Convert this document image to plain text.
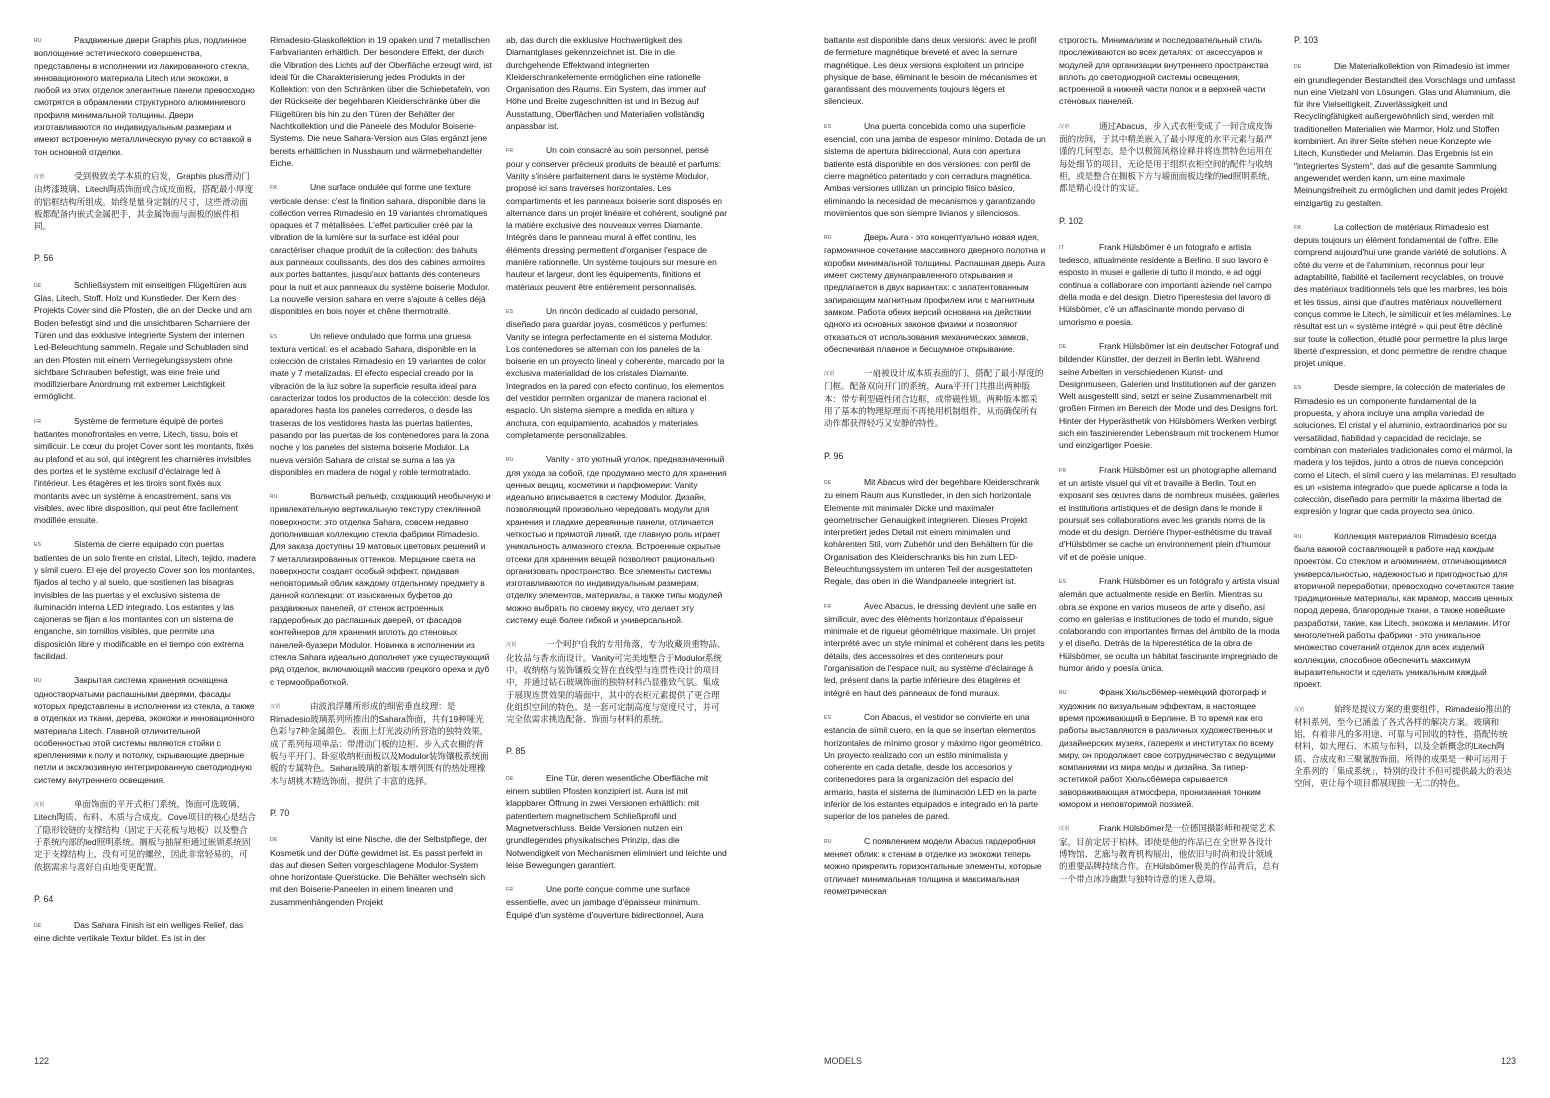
RU	Раздвижные двери Graphis plus, подлинное воплощение эстетического совершенства, представлены в исполнении из лакированного стекла, инновационного материала Litech или экокожи, в любой из этих отделок элегантные панели превосходно смотрятся в обрамлении структурного алюминиевого профиля минимальной толщины. Двери изготавливаются по индивидуальным размерам и имеют встроенную металлическую ручку со вставкой в тон основной отделки.

汉语	受到极致美学本质的启发，Graphis plus滑动门由烤漆玻璃、Litech陶质饰面或合成皮面板，搭配最小厚度的铝框结构所组成。始终是量身定制的尺寸，这些滑动面板都配备内嵌式金属把手，其金属饰面与面板的嵌件相同。

P. 56

DE	Schließsystem mit einseitigen Flügeltüren aus Glas, Litech, Stoff, Holz und Kunstleder. Der Kern des Projekts Cover sind die Pfosten, die an der Decke und am Boden befestigt sind und die unsichtbaren Scharniere der Türen und das exklusive integrierte System der internen Led-Beleuchtung sammeln. Regale und Schubladen sind an den Pfosten mit einem Verriegelungssystem ohne sichtbare Schrauben befestigt, was eine freie und modifizierbare Anordnung mit extremer Leichtigkeit ermöglicht.

FR	Système de fermeture équipé de portes battantes monofrontales en verre, Litech, tissu, bois et similicuir. Le cœur du projet Cover sont les montants, fixés au plafond et au sol, qui intègrent les charnières invisibles des portes et le système exclusif d'éclairage led à l'intérieur. Les étagères et les tiroirs sont fixés aux montants avec un système à encastrement, sans vis visibles, avec libre disposition, qui peut être facilement modifiée ensuite.

ES	Sistema de cierre equipado con puertas batientes de un solo frente en cristal, Litech, tejido, madera y símil cuero. El eje del proyecto Cover son los montantes, fijados al techo y al suelo, que sostienen las bisagras invisibles de las puertas y el exclusivo sistema de iluminación interna LED integrado. Los estantes y las cajoneras se fijan a los montantes con un sistema de enganche, sin tornillos visibles, que permite una disposición libre y modificable en el tiempo con extrema facilidad.

RU	Закрытая система хранения оснащена одностворчатыми распашными дверями, фасады которых представлены в исполнении из стекла, а также в отделках из ткани, дерева, экокожи и инновационного материала Litech. Главной отличительной особенностью этой системы являются стойки с креплениями к полу и потолку, скрывающие дверные петли и эксклюзивную интегрированную светодиодную систему внутреннего освещения.

汉语	单面饰面的平开式柜门系统，饰面可选玻璃、Litech陶质、布料、木质与合成皮。Cove项目的核心是结合了隐形铰链的支撑结构（固定于天花板与地板）以及整合于系统内部的led照明系统。搁板与抽屉柜通过嵌锁系统固定于支撑结构上，没有可见的螺丝，因此非常轻易的，可依据需求与喜好自由地变更配置。

P. 64

DE	Das Sahara Finish ist ein welliges Relief, das eine dichte vertikale Textur bildet. Es ist in der

Rimadesio-Glaskollektion in 19 opaken und 7 metallischen Farbvarianten erhältlich. Der besondere Effekt, der durch die Vibration des Lichts auf der Oberfläche erzeugt wird, ist ideal für die Charakterisierung jedes Produkts in der Kollektion: von den Schränken über die Schiebetafeln, von der Rückseite der begehbaren Kleiderschränke über die Flügeltüren bis hin zu den Türen der Behälter der Nachtkollektion und die Paneele des Modulor Boiserie-Systems. Die neue Sahara-Version aus Glas ergänzt jene bereits erhältlichen in Nussbaum und wärmebehandelter Eiche.

FR	Une surface ondulée qui forme une texture verticale dense: c'est la finition sahara, disponible dans la collection verres Rimadesio en 19 variantes chromatiques opaques et 7 métallisées. L'effet particulier créé par la vibration de la lumière sur la surface est idéal pour caractériser chaque produit de la collection: des bahuts aux panneaux coulissants, des dos des cabines armoires aux portes battantes, jusqu'aux battants des conteneurs pour la nuit et aux panneaux du système boiserie Modulor. La nouvelle version sahara en verre s'ajoute à celles déjà disponibles en bois noyer et chêne thermotraité.

ES	Un relieve ondulado que forma una gruesa textura vertical: es el acabado Sahara, disponible en la colección de cristales Rimadesio en 19 variantes de color mate y 7 metalizadas. El efecto especial creado por la vibración de la luz sobre la superficie resulta ideal para caracterizar todos los productos de la colección: desde los aparadores hasta los paneles correderos, o desde las traseras de los vestidores hasta las puertas batientes, pasando por las puertas de los contenedores para la zona noche y los paneles del sistema boiserie Modulor. La nueva versión Sahara de cristal se suma a las ya disponibles en madera de nogal y roble termotratado.

RU	Волнистый рельеф, создающий необычную и привлекательную вертикальную текстуру стеклянной поверхности: это отделка Sahara, совсем недавно дополнившая коллекцию стекла фабрики Rimadesio. Для заказа доступны 19 матовых цветовых решений и 7 металлизированных оттенков. Мерцание света на поверхности создает особый эффект, придавая неповторимый облик каждому отдельному предмету в данной коллекции: от изысканных буфетов до раздвижных панелей, от стенок встроенных гардеробных до распашных дверей, от фасадов контейнеров для хранения вплоть до стеновых панелей-буазери Modulor. Новинка в исполнении из стекла Sahara идеально дополняет уже существующий ряд отделок, включающий массив грецкого ореха и дуб с термообработкой.

汉语	由波浪浮雕所形成的细密垂直纹理：是Rimadesio玻璃系列所推出的Sahara饰面，共有19种哑光色彩与7种金属颜色。表面上灯光波动所营造的独特效果，成了系列每项单品：带滑动门板的边柜、步入式衣橱的背板与平开门、卧室收纳柜面板以及Modulor装饰镶板系统面板的专属特色。Sahara玻璃的新版本增列既有的热处理橡木与胡桃木精选饰面，提供了丰富的选择。

P. 70

DE	Vanity ist eine Nische, die der Selbstpflege, der Kosmetik und der Düfte gewidmet ist. Es passt perfekt in das auf diesen Seiten vorgeschlagene Modulor-System ohne horizontale Querstücke. Die Behälter wechseln sich mit den Boiserie-Paneelen in einem linearen und zusammenhängenden Projekt

ab, das durch die exklusive Hochwertigkeit des Diamantglases gekennzeichnet ist. Die in die durchgehende Effektwand integrierten Kleiderschrankelemente ermöglichen eine rationelle Organisation des Raums. Ein System, das immer auf Höhe und Breite zugeschnitten ist und in Bezug auf Ausstattung, Oberflächen und Materialien vollständig anpassbar ist.

FR	Un coin consacré au soin personnel, pensé pour y conserver précieux produits de beauté et parfums: Vanity s'insère parfaitement dans le système Modulor, proposé ici sans traverses horizontales. Les compartiments et les panneaux boiserie sont disposés en alternance dans un projet linéaire et cohérent, souligné par la matière exclusive des nouveaux verres Diamante. Intégrés dans le panneau mural à effet continu, les éléments dressing permettent d'organiser l'espace de manière rationnelle. Un système toujours sur mesure en hauteur et largeur, dont les équipements, finitions et matériaux peuvent être entièrement personnalisés.

ES	Un rincón dedicado al cuidado personal, diseñado para guardar joyas, cosméticos y perfumes: Vanity se integra perfectamente en el sistema Modulor. Los contenedores se alternan con los paneles de la boiserie en un proyecto lineal y coherente, marcado por la exclusiva materialidad de los cristales Diamante. Integrados en la pared con efecto continuo, los elementos del vestidor permiten organizar de manera racional el espacio. Un sistema siempre a medida en altura y anchura, con equipamiento, acabados y materiales completamente personalizables.

RU	Vanity - это уютный уголок, предназначенный для ухода за собой, где продумано место для хранения ценных вещиц, косметики и парфюмерии: Vanity идеально вписывается в систему Modulor. Дизайн, позволяющий произвольно чередовать модули для хранения и гладкие деревянные панели, отличается четкостью и прямотой линий, где главную роль играет уникальность алмазного стекла. Встроенные скрытые отсеки для хранения вещей позволяют рационально организовать пространство. Все элементы системы изготавливаются по индивидуальным размерам; отделку элементов, материалы, а также типы модулей можно выбрать по своему вкусу, что делает эту систему ещё более гибкой и универсальной.

汉语	一个呵护自我的专用角落，专为收藏贵重物品、化妆品与香水而设计。Vanity可完美地整合于Modulor系统中。收纳格与装饰镶板交替在直线型与连贯性设计的项目中，并通过钻石玻璃饰面的独特材料凸显雅致气氛。集成于展现连贯效果的墙面中，其中的衣柜元素提供了更合理化组织空间的特色。是一套可定制高度与宽度尺寸，并可完全依需求挑选配备、饰面与材料的系统。

P. 85

DE	Eine Tür, deren wesentliche Oberfläche mit einem subtilen Pfosten konzipiert ist. Aura ist mit klappbarer Öffnung in zwei Versionen erhältlich: mit patentiertem magnetischem Schließprofil und Magnetverschluss. Beide Versionen nutzen ein grundlegendes physikalisches Prinzip, das die Notwendigkeit von Mechanismen eliminiert und leichte und leise Bewegungen garantiert.

FR	Une porte conçue comme une surface essentielle, avec un jambage d'épaisseur minimum. Équipé d'un système d'ouverture bidirectionnel, Aura

122

battante est disponible dans deux versions: avec le profil de fermeture magnétique breveté et avec la serrure magnétique. Les deux versions exploitent un principe physique de base, éliminant le besoin de mécanismes et garantissant des mouvements toujours légers et silencieux.

ES	Una puerta concebida como una superficie esencial, con una jamba de espesor mínimo. Dotada de un sistema de apertura bidireccional, Aura con apertura batiente está disponible en dos versiones: con perfil de cierre magnético patentado y con cerradura magnética. Ambas versiones utilizan un principio físico básico, eliminando la necesidad de mecanismos y garantizando movimientos que son siempre livianos y silenciosos.

RU	Дверь Aura - это концептуально новая идея, гармоничное сочетание массивного дверного полотна и коробки минимальной толщины. Распашная дверь Aura имеет систему двунаправленного открывания и предлагается в двух вариантах: с запатентованным запирающим магнитным профилем или с магнитным замком. Работа обеих версий основана на действии одного из основных законов физики и позволяют отказаться от использования механических замков, обеспечивая плавное и бесшумное открывание.

汉语	一扇被设计成本质表面的门，搭配了最小厚度的门框。配备双向开门的系统，Aura平开门共推出两种版本：带专利型磁性闭合边框，或带磁性锁。两种版本都采用了基本的物理原理而不再使用机制组件，从而确保所有动作都获得轻巧又安静的特性。

P. 96

DE	Mit Abacus wird der begehbare Kleiderschrank zu einem Raum aus Kunstleder, in den sich horizontale Elemente mit minimaler Dicke und maximaler geometrischer Genauigkeit integrieren. Dieses Projekt interpretiert jedes Detail mit einem minimalen und kohärenten Stil, vom Zubehör und den Behältern für die Organisation des Kleiderschranks bis hin zum LED-Beleuchtungssystem im unteren Teil der ausgestatteten Regale, das oben in die Wandpaneele integriert ist.

FR	Avec Abacus, le dressing devient une salle en similicuir, avec des éléments horizontaux d'épaisseur minimale et de rigueur géométrique maximale. Un projet interprété avec un style minimal et cohérent dans les petits détails, des accessoires et des conteneurs pour l'organisation de l'espace nuit, au système d'éclairage à led, présent dans la partie inférieure des étagères et intégré en haut des panneaux de fond muraux.

ES	Con Abacus, el vestidor se convierte en una estancia de símil cuero, en la que se insertan elementos horizontales de mínimo grosor y máximo rigor geométrico. Un proyecto realizado con un estilo minimalista y coherente en cada detalle, desde los accesorios y contenedores para la organización del espacio del armario, hasta el sistema de iluminación LED en la parte inferior de los estantes equipados e integrado en la parte superior de los paneles de pared.

RU	С появлением модели Abacus гардеробная меняет облик: к стенам в отделке из экокожи теперь можно прикрепить горизонтальные элементы, которые отличает минимальная толщина и максимальная геометрическая

строгость. Минимализм и последовательный стиль прослеживаются во всех деталях: от аксессуаров и модулей для организации внутреннего пространства вплоть до светодиодной системы освещения, встроенной в нижней части полок и в верхней части стеновых панелей.

汉语	通过Abacus，步入式衣柜变成了一间合成皮饰面的房间，于其中精美嵌入了最小厚度的水平元素与最严谨的几何型态。是个以极简风格诠释并将连贯特色运用在每处细节的项目，无论是用于组织衣柜空间的配件与收纳柜，或是整合在搁板下方与墙面面板边缘的led照明系统，都是精心设计的实证。

P. 102

IT	Frank Hülsbömer è un fotografo e artista tedesco, attualmente residente a Berlino. Il suo lavoro è esposto in musei e gallerie di tutto il mondo, e ad oggi continua a collaborare con importanti aziende nel campo della moda e del design. Dietro l'iperestesia del lavoro di Hülsbömer, c'è un affascinante mondo pervaso di umorismo e poesia.

DE	Frank Hülsbömer ist ein deutscher Fotograf und bildender Künstler, der derzeit in Berlin lebt. Während seine Arbeiten in verschiedenen Kunst- und Designmuseen, Galerien und Institutionen auf der ganzen Welt ausgestellt sind, setzt er seine Zusammenarbeit mit großen Firmen im Bereich der Mode und des Designs fort. Hinter der Hyperästhetik von Hülsbömers Werken verbirgt sich ein faszinierender Lebenstraum mit trockenem Humor und einzigartiger Poesie.

FR	Frank Hülsbömer est un photographe allemand et un artiste visuel qui vit et travaille à Berlin. Tout en exposant ses œuvres dans de nombreux musées, galeries et institutions artistiques et de design dans le monde il poursuit ses collaborations avec les grands noms de la mode et du design. Derrière l'hyper-esthétisme du travail d'Hülsbömer se cache un environnement plein d'humour vif et de poésie unique.

ES	Frank Hülsbömer es un fotógrafo y artista visual alemán que actualmente reside en Berlín. Mientras su obra se expone en varios museos de arte y diseño, así como en galerías e instituciones de todo el mundo, sigue colaborando con importantes firmas del ámbito de la moda y el diseño. Detrás de la hiperestética de la obra de Hülsbömer, se oculta un hábitat fascinante impregnado de humor árido y poesía única.

RU	Франк Хюльсбёмер-немецкий фотограф и художник по визуальным эффектам, в настоящее время проживающий в Берлине. В то время как его работы выставляются в различных художественных и дизайнерских музеях, галереях и институтах по всему миру, он продолжает свое сотрудничество с ведущими компаниями из мира моды и дизайна. За гипер-эстетикой работ Хюльсбёмера скрывается завораживающая атмосфера, пронизанная тонким юмором и неповторимой поэзией.

汉语	Frank Hülsbömer是一位德国摄影师和视觉艺术家，目前定居于柏林。即使是他的作品已在全世界各设计博物馆、艺廊与教育机构展出，他依旧与时尚和设计领域的重要品牌持续合作。在Hülsbömer极美的作品背后，总有一个带点冰冷幽默与独特诗意的迷人意境。

P. 103

DE	Die Materialkollektion von Rimadesio ist immer ein grundlegender Bestandteil des Vorschlags und umfasst nun eine Vielzahl von Lösungen. Glas und Aluminium, die für ihre Vielseitigkeit, Zuverlässigkeit und Recyclingfähigkeit außergewöhnlich sind, werden mit traditionellen Materialien wie Marmor, Holz und Stoffen kombiniert. An ihrer Seite stehen neue Konzepte wie Litech, Kunstleder und Melamin. Das Ergebnis ist ein "integriertes System", das auf die gesamte Sammlung angewendet werden kann, um eine maximale Meinungsfreiheit zu ermöglichen und damit jedes Projekt einzigartig zu gestalten.

FR	La collection de matériaux Rimadesio est depuis toujours un élément fondamental de l'offre. Elle comprend aujourd'hui une grande variété de solutions. À côté du verre et de l'aluminium, reconnus pour leur adaptabilité, fiabilité et facilement recyclables, on trouve des matériaux traditionnels tels que les marbres, les bois et les tissus, ainsi que d'autres matériaux nouvellement conçus comme le Litech, le similicuir et les mélamines. Le résultat est un « système intégré » qui peut être décliné sur toute la collection, étudié pour permettre la plus large liberté d'expression, et donc permettre de rendre chaque projet unique.

ES	Desde siempre, la colección de materiales de Rimadesio es un componente fundamental de la propuesta, y ahora incluye una amplia variedad de soluciones. El cristal y el aluminio, extraordinarios por su versatilidad, fiabilidad y capacidad de reciclaje, se combinan con materiales tradicionales como el mármol, la madera y los tejidos, junto a otros de nueva concepción como el Litech, el símil cuero y las melaminas. El resultado es un «sistema integrado» que puede aplicarse a toda la colección, diseñado para permitir la máxima libertad de expresión y lograr que cada proyecto sea único.

RU	Коллекция материалов Rimadesio всегда была важной составляющей в работе над каждым проектом. Со стеклом и алюминием, отличающимися универсальностью, надежностью и пригодностью для вторичной переработки, превосходно сочетаются такие традиционные материалы, как мрамор, массив ценных пород дерева, благородные ткани, а также новейшие разработки, такие, как Litech, экокожа и меламин. Итог многолетней работы фабрики - это уникальное множество сочетаний отделок для всех изделий коллекции, способное обеспечить максимум выразительности и сделать уникальным каждый проект.

汉语	始终是提议方案的重要组件，Rimadesio推出的材料系列，至今已涵盖了各式各样的解决方案。玻璃和铝，有着非凡的多用途、可靠与可回收的特性，搭配传统材料，如大理石、木质与布料，以及全新概念的Litech陶质、合成皮和三聚氰胺饰面。所得的成果是一种可运用于全系列的「集成系统」，特别的设计不但可提供最大的表达空间，更让每个项目都展现独一无二的特色。

MODELS	123
